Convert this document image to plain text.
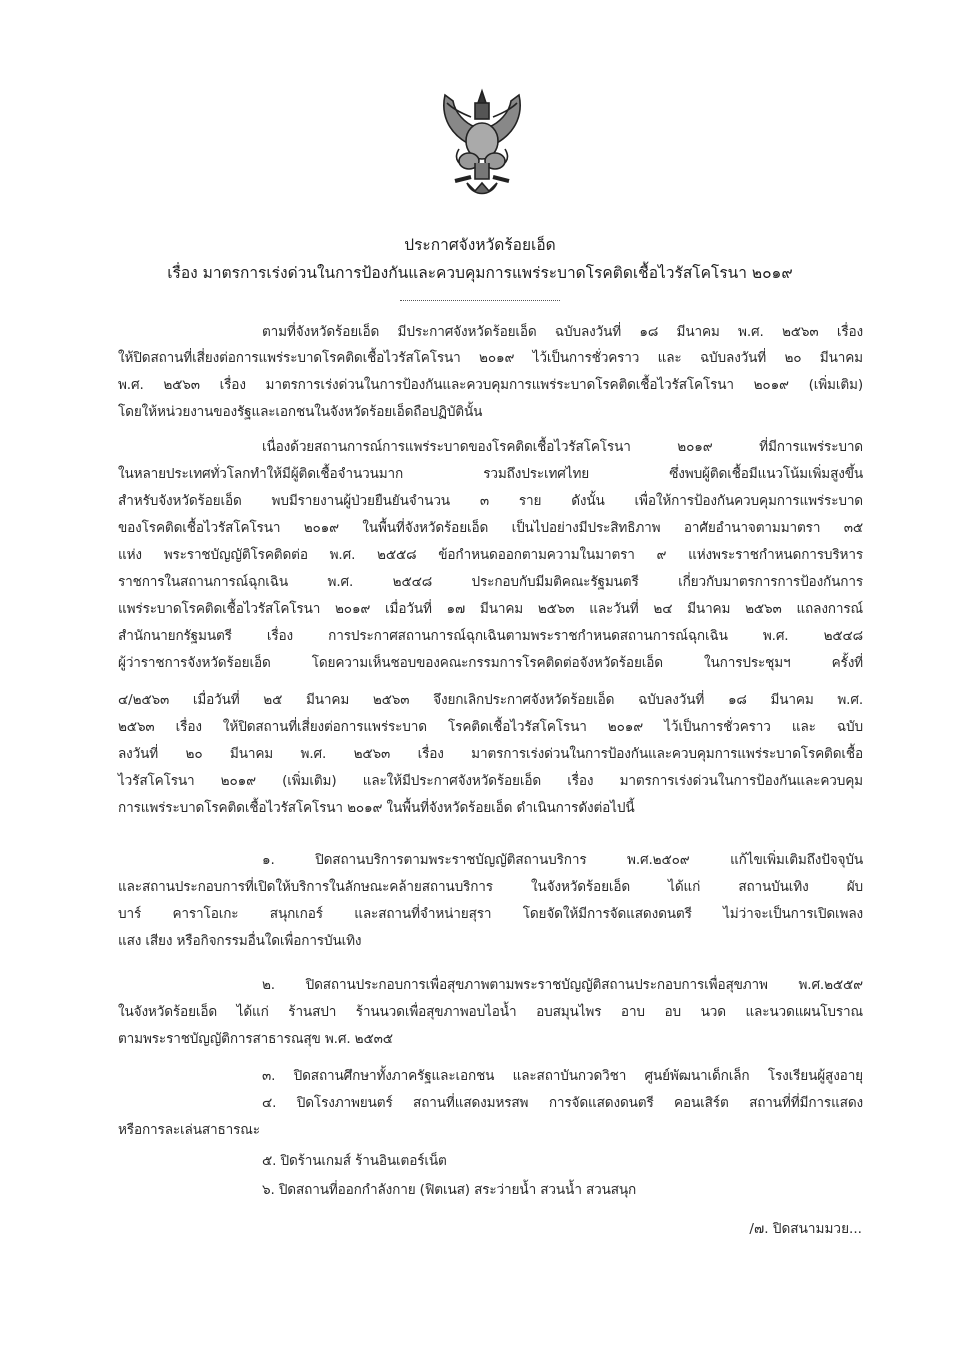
ประกาศจังหวัดร้อยเอ็ด
เรื่อง มาตรการเร่งด่วนในการป้องกันและควบคุมการแพร่ระบาดโรคติดเชื้อไวรัสโคโรนา ๒๐๑๙
ตามที่จังหวัดร้อยเอ็ด มีประกาศจังหวัดร้อยเอ็ด ฉบับลงวันที่ ๑๘ มีนาคม พ.ศ. ๒๕๖๓ เรื่อง
ให้ปิดสถานที่เสี่ยงต่อการแพร่ระบาดโรคติดเชื้อไวรัสโคโรนา ๒๐๑๙ ไว้เป็นการชั่วคราว และ ฉบับลงวันที่ ๒๐ มีนาคม
พ.ศ. ๒๕๖๓ เรื่อง มาตรการเร่งด่วนในการป้องกันและควบคุมการแพร่ระบาดโรคติดเชื้อไวรัสโคโรนา ๒๐๑๙ (เพิ่มเติม)
โดยให้หน่วยงานของรัฐและเอกชนในจังหวัดร้อยเอ็ดถือปฏิบัตินั้น
เนื่องด้วยสถานการณ์การแพร่ระบาดของโรคติดเชื้อไวรัสโคโรนา ๒๐๑๙ ที่มีการแพร่ระบาด
ในหลายประเทศทั่วโลกทำให้มีผู้ติดเชื้อจำนวนมาก รวมถึงประเทศไทย ซึ่งพบผู้ติดเชื้อมีแนวโน้มเพิ่มสูงขึ้น
สำหรับจังหวัดร้อยเอ็ด พบมีรายงานผู้ป่วยยืนยันจำนวน ๓ ราย ดังนั้น เพื่อให้การป้องกันควบคุมการแพร่ระบาด
ของโรคติดเชื้อไวรัสโคโรนา ๒๐๑๙ ในพื้นที่จังหวัดร้อยเอ็ด เป็นไปอย่างมีประสิทธิภาพ อาศัยอำนาจตามมาตรา ๓๕
แห่ง พระราชบัญญัติโรคติดต่อ พ.ศ. ๒๕๕๘ ข้อกำหนดออกตามความในมาตรา ๙ แห่งพระราชกำหนดการบริหาร
ราชการในสถานการณ์ฉุกเฉิน พ.ศ. ๒๕๔๘ ประกอบกับมีมติคณะรัฐมนตรี เกี่ยวกับมาตรการการป้องกันการ
แพร่ระบาดโรคติดเชื้อไวรัสโคโรนา ๒๐๑๙ เมื่อวันที่ ๑๗ มีนาคม ๒๕๖๓ และวันที่ ๒๔ มีนาคม ๒๕๖๓ แถลงการณ์
สำนักนายกรัฐมนตรี เรื่อง การประกาศสถานการณ์ฉุกเฉินตามพระราชกำหนดสถานการณ์ฉุกเฉิน พ.ศ. ๒๕๔๘
ผู้ว่าราชการจังหวัดร้อยเอ็ด โดยความเห็นชอบของคณะกรรมการโรคติดต่อจังหวัดร้อยเอ็ด ในการประชุมฯ ครั้งที่
๔/๒๕๖๓ เมื่อวันที่ ๒๕ มีนาคม ๒๕๖๓ จึงยกเลิกประกาศจังหวัดร้อยเอ็ด ฉบับลงวันที่ ๑๘ มีนาคม พ.ศ.
๒๕๖๓ เรื่อง ให้ปิดสถานที่เสี่ยงต่อการแพร่ระบาด โรคติดเชื้อไวรัสโคโรนา ๒๐๑๙ ไว้เป็นการชั่วคราว และ ฉบับ
ลงวันที่ ๒๐ มีนาคม พ.ศ. ๒๕๖๓ เรื่อง มาตรการเร่งด่วนในการป้องกันและควบคุมการแพร่ระบาดโรคติดเชื้อ
ไวรัสโคโรนา ๒๐๑๙ (เพิ่มเติม) และให้มีประกาศจังหวัดร้อยเอ็ด เรื่อง มาตรการเร่งด่วนในการป้องกันและควบคุม
การแพร่ระบาดโรคติดเชื้อไวรัสโคโรนา ๒๐๑๙ ในพื้นที่จังหวัดร้อยเอ็ด ดำเนินการดังต่อไปนี้
๑. ปิดสถานบริการตามพระราชบัญญัติสถานบริการ พ.ศ.๒๕๐๙ แก้ไขเพิ่มเติมถึงปัจจุบัน
และสถานประกอบการที่เปิดให้บริการในลักษณะคล้ายสถานบริการ ในจังหวัดร้อยเอ็ด ได้แก่ สถานบันเทิง ผับ
บาร์ คาราโอเกะ สนุกเกอร์ และสถานที่จำหน่ายสุรา โดยจัดให้มีการจัดแสดงดนตรี ไม่ว่าจะเป็นการเปิดเพลง
แสง เสียง หรือกิจกรรมอื่นใดเพื่อการบันเทิง
๒. ปิดสถานประกอบการเพื่อสุขภาพตามพระราชบัญญัติสถานประกอบการเพื่อสุขภาพ พ.ศ.๒๕๕๙
ในจังหวัดร้อยเอ็ด ได้แก่ ร้านสปา ร้านนวดเพื่อสุขภาพอบไอน้ำ อบสมุนไพร อาบ อบ นวด และนวดแผนโบราณ
ตามพระราชบัญญัติการสาธารณสุข พ.ศ. ๒๕๓๕
๓. ปิดสถานศึกษาทั้งภาครัฐและเอกชน และสถาบันกวดวิชา ศูนย์พัฒนาเด็กเล็ก โรงเรียนผู้สูงอายุ
๔. ปิดโรงภาพยนตร์ สถานที่แสดงมหรสพ การจัดแสดงดนตรี คอนเสิร์ต สถานที่ที่มีการแสดง
หรือการละเล่นสาธารณะ
๕. ปิดร้านเกมส์ ร้านอินเตอร์เน็ต
๖. ปิดสถานที่ออกกำลังกาย (ฟิตเนส) สระว่ายน้ำ สวนน้ำ สวนสนุก
/๗. ปิดสนามมวย...
